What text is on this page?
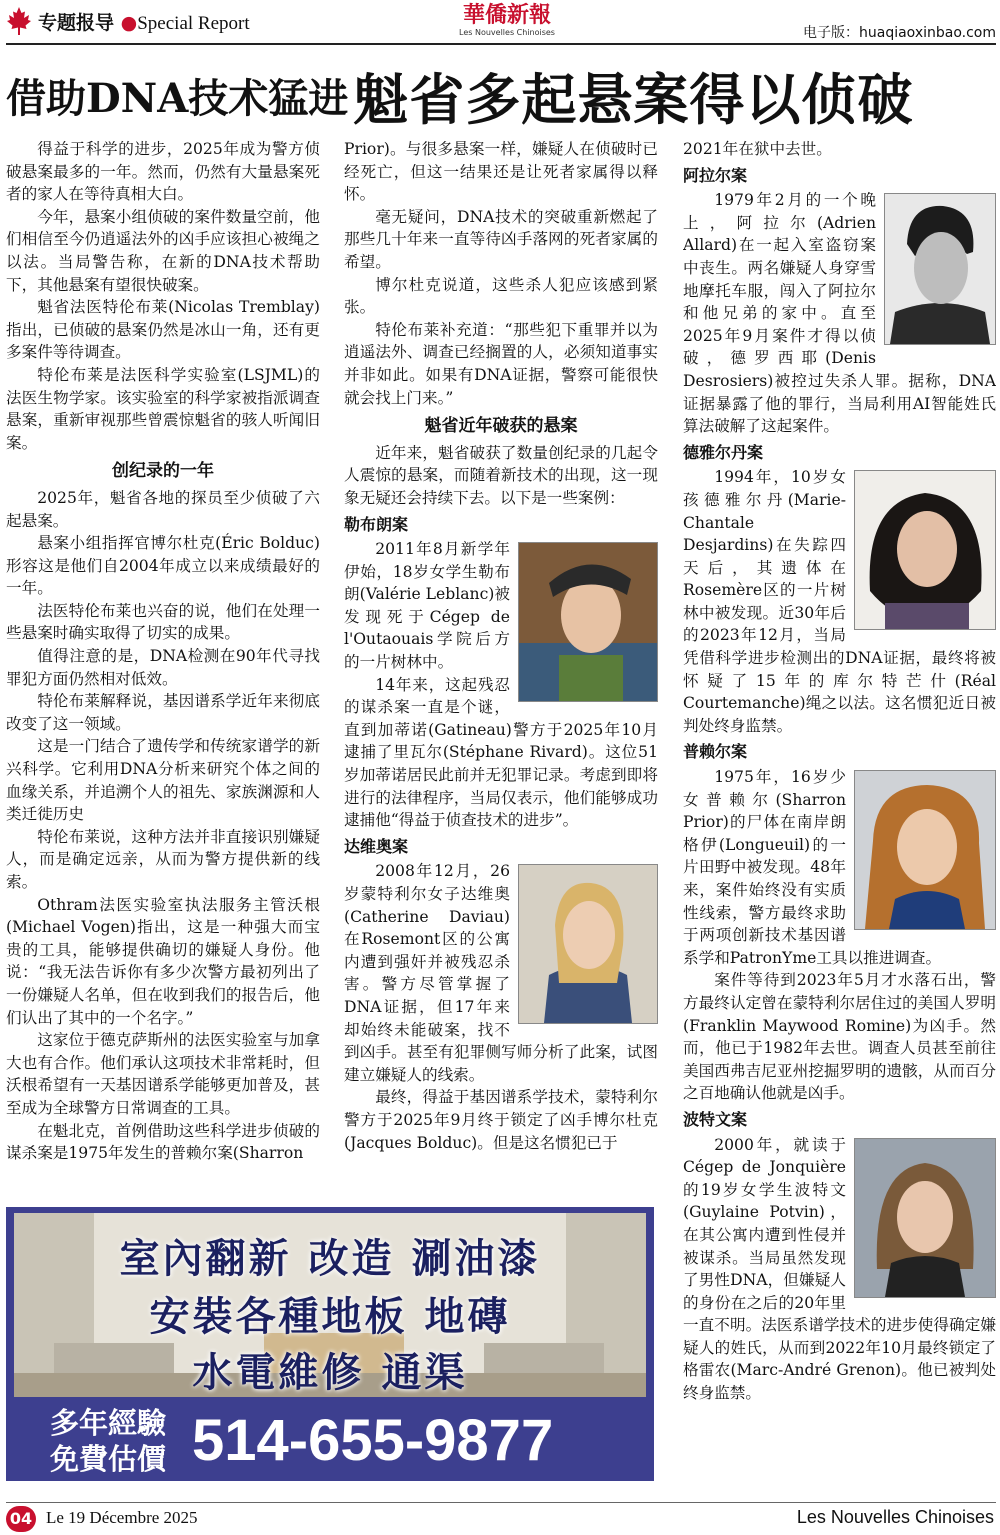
专题报导 ●Special Report	華僑新報
Les Nouvelles Chinoises	电子版：huaqiaoxinbao.com
借助DNA技术猛进 魁省多起悬案得以侦破

得益于科学的进步，2025年成为警方侦破悬案最多的一年。然而，仍然有大量悬案死者的家人在等待真相大白。

今年，悬案小组侦破的案件数量空前，他们相信至今仍逍遥法外的凶手应该担心被绳之以法。当局警告称，在新的DNA技术帮助下，其他悬案有望很快破案。

魁省法医特伦布莱(Nicolas Tremblay)指出，已侦破的悬案仍然是冰山一角，还有更多案件等待调查。

特伦布莱是法医科学实验室(LSJML)的法医生物学家。该实验室的科学家被指派调查悬案，重新审视那些曾震惊魁省的骇人听闻旧案。

创纪录的一年

2025年，魁省各地的探员至少侦破了六起悬案。

悬案小组指挥官博尔杜克(Éric Bolduc)形容这是他们自2004年成立以来成绩最好的一年。

法医特伦布莱也兴奋的说，他们在处理一些悬案时确实取得了切实的成果。

值得注意的是，DNA检测在90年代寻找罪犯方面仍然相对低效。

特伦布莱解释说，基因谱系学近年来彻底改变了这一领域。

这是一门结合了遗传学和传统家谱学的新兴科学。它利用DNA分析来研究个体之间的血缘关系，并追溯个人的祖先、家族渊源和人类迁徙历史

特伦布莱说，这种方法并非直接识别嫌疑人，而是确定远亲，从而为警方提供新的线索。

Othram法医实验室执法服务主管沃根(Michael Vogen)指出，这是一种强大而宝贵的工具，能够提供确切的嫌疑人身份。他说：“我无法告诉你有多少次警方最初列出了一份嫌疑人名单，但在收到我们的报告后，他们认出了其中的一个名字。”

这家位于德克萨斯州的法医实验室与加拿大也有合作。他们承认这项技术非常耗时，但沃根希望有一天基因谱系学能够更加普及，甚至成为全球警方日常调查的工具。

在魁北克，首例借助这些科学进步侦破的谋杀案是1975年发生的普赖尔案(Sharron

Prior)。与很多悬案一样，嫌疑人在侦破时已经死亡，但这一结果还是让死者家属得以释怀。

毫无疑问，DNA技术的突破重新燃起了那些几十年来一直等待凶手落网的死者家属的希望。

博尔杜克说道，这些杀人犯应该感到紧张。

特伦布莱补充道：“那些犯下重罪并以为逍遥法外、调查已经搁置的人，必须知道事实并非如此。如果有DNA证据，警察可能很快就会找上门来。”

魁省近年破获的悬案

近年来，魁省破获了数量创纪录的几起令人震惊的悬案，而随着新技术的出现，这一现象无疑还会持续下去。以下是一些案例：

勒布朗案

2011年8月新学年伊始，18岁女学生勒布朗(Valérie Leblanc)被发现死于Cégep de l'Outaouais学院后方的一片树林中。

14年来，这起残忍的谋杀案一直是个谜，直到加蒂诺(Gatineau)警方于2025年10月逮捕了里瓦尔(Stéphane Rivard)。这位51岁加蒂诺居民此前并无犯罪记录。考虑到即将进行的法律程序，当局仅表示，他们能够成功逮捕他“得益于侦查技术的进步”。

达维奥案

2008年12月，26岁蒙特利尔女子达维奥(Catherine Daviau)在Rosemont区的公寓内遭到强奸并被残忍杀害。警方尽管掌握了DNA证据，但17年来却始终未能破案，找不到凶手。甚至有犯罪侧写师分析了此案，试图建立嫌疑人的线索。

最终，得益于基因谱系学技术，蒙特利尔警方于2025年9月终于锁定了凶手博尔杜克(Jacques Bolduc)。但是这名惯犯已于

2021年在狱中去世。

阿拉尔案

1979年2月的一个晚上，阿拉尔(Adrien Allard)在一起入室盗窃案中丧生。两名嫌疑人身穿雪地摩托车服，闯入了阿拉尔和他兄弟的家中。直至2025年9月案件才得以侦破，德罗西耶(Denis Desrosiers)被控过失杀人罪。据称，DNA证据暴露了他的罪行，当局利用AI智能姓氏算法破解了这起案件。

德雅尔丹案

1994年，10岁女孩德雅尔丹(Marie-Chantale Desjardins)在失踪四天后，其遗体在Rosemère区的一片树林中被发现。近30年后的2023年12月，当局凭借科学进步检测出的DNA证据，最终将被怀疑了15年的库尔特芒什(Réal Courtemanche)绳之以法。这名惯犯近日被判处终身监禁。

普赖尔案

1975年，16岁少女普赖尔(Sharron Prior)的尸体在南岸朗格伊(Longueuil)的一片田野中被发现。48年来，案件始终没有实质性线索，警方最终求助于两项创新技术基因谱系学和PatronYme工具以推进调查。

案件等待到2023年5月才水落石出，警方最终认定曾在蒙特利尔居住过的美国人罗明(Franklin Maywood Romine)为凶手。然而，他已于1982年去世。调查人员甚至前往美国西弗吉尼亚州挖掘罗明的遗骸，从而百分之百地确认他就是凶手。

波特文案

2000年，就读于Cégep de Jonquière的19岁女学生波特文(Guylaine Potvin)，在其公寓内遭到性侵并被谋杀。当局虽然发现了男性DNA，但嫌疑人的身份在之后的20年里一直不明。法医系谱学技术的进步使得确定嫌疑人的姓氏，从而到2022年10月最终锁定了格雷农(Marc-André Grenon)。他已被判处终身监禁。

室內翻新 改造 涮油漆
安裝各種地板 地磚
水電維修 通渠
多年經驗
免費估價 514-655-9877
04 Le 19 Décembre 2025	Les Nouvelles Chinoises
